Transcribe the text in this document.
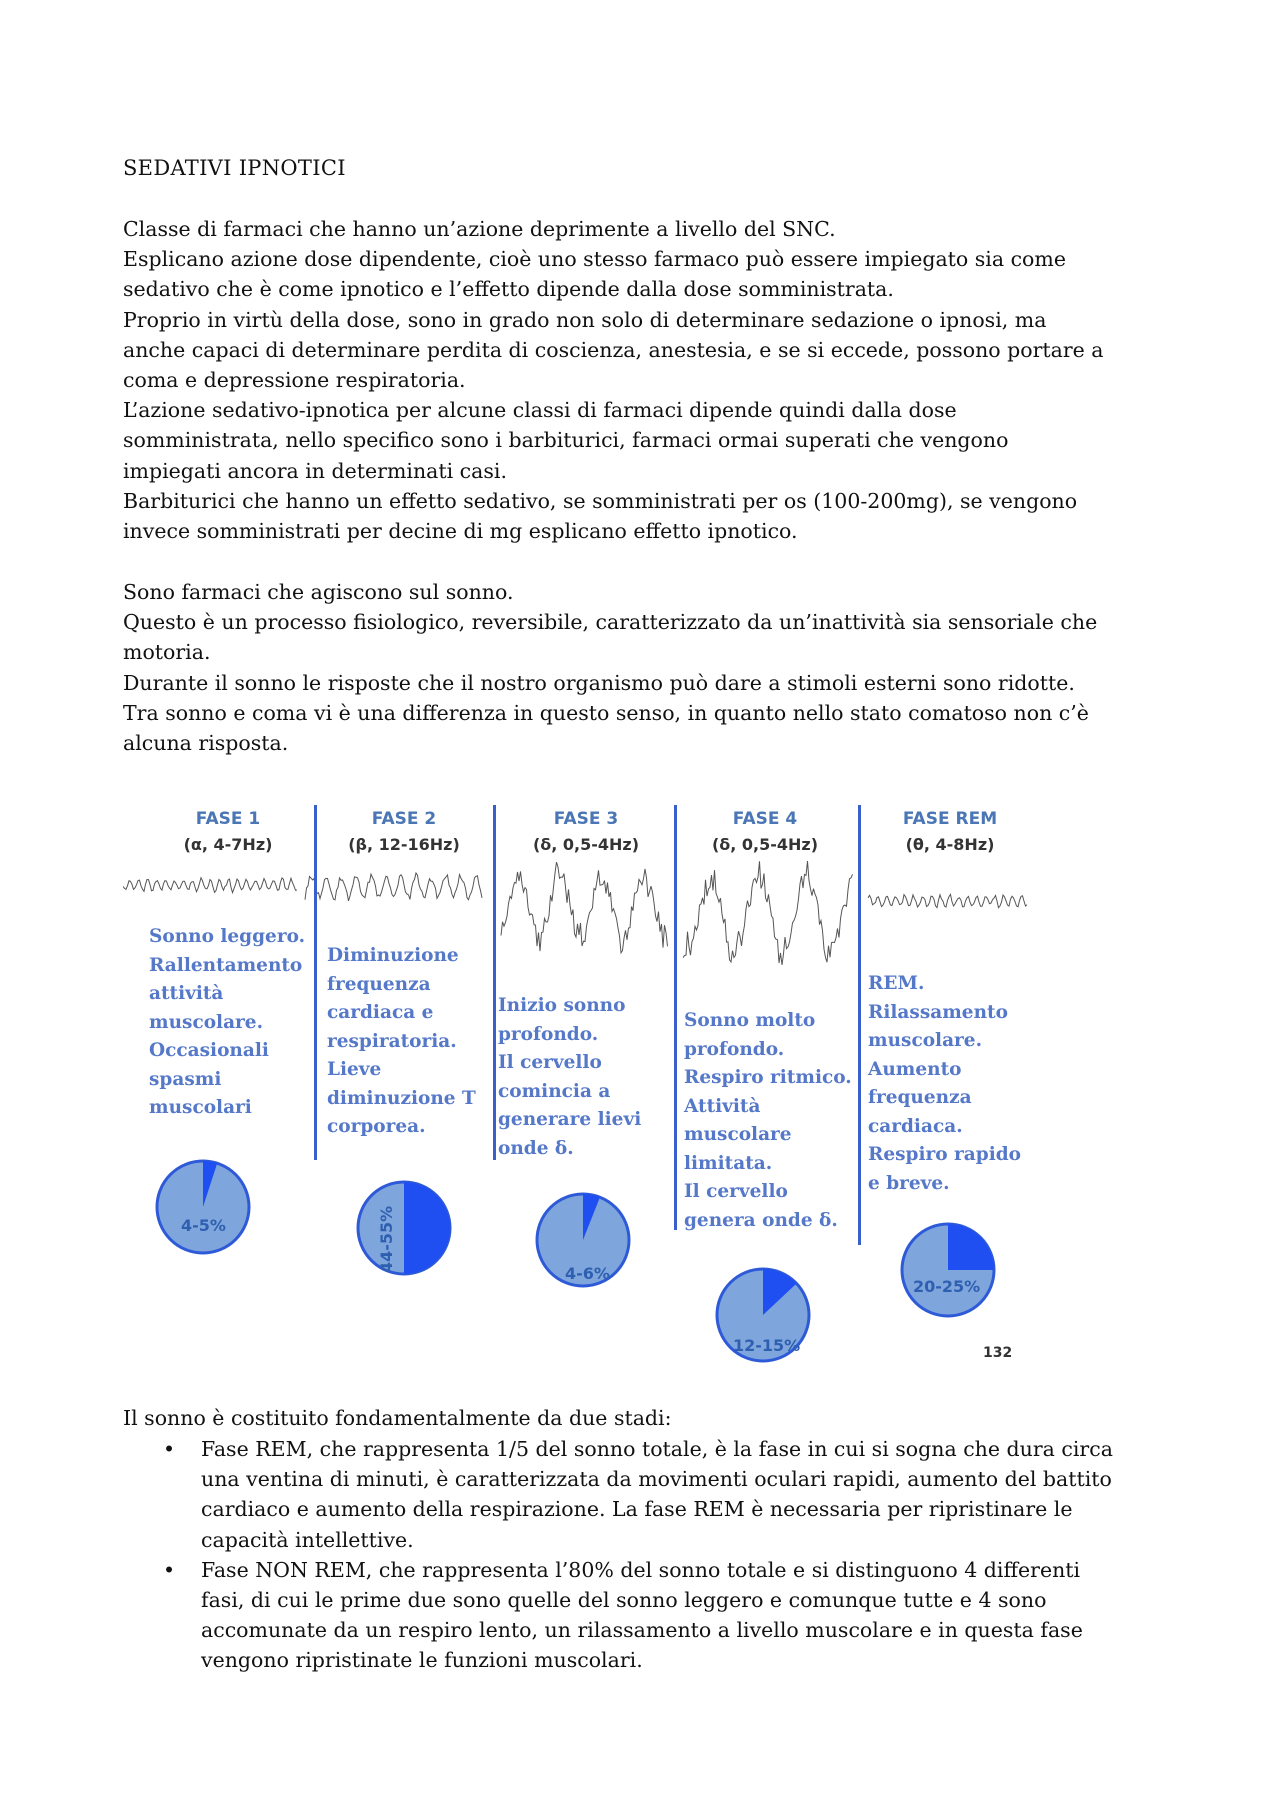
SEDATIVI IPNOTICI

Classe di farmaci che hanno un’azione deprimente a livello del SNC.

Esplicano azione dose dipendente, cioè uno stesso farmaco può essere impiegato sia come

sedativo che è come ipnotico e l’effetto dipende dalla dose somministrata.

Proprio in virtù della dose, sono in grado non solo di determinare sedazione o ipnosi, ma

anche capaci di determinare perdita di coscienza, anestesia, e se si eccede, possono portare a

coma e depressione respiratoria.

L’azione sedativo-ipnotica per alcune classi di farmaci dipende quindi dalla dose

somministrata, nello specifico sono i barbiturici, farmaci ormai superati che vengono

impiegati ancora in determinati casi.

Barbiturici che hanno un effetto sedativo, se somministrati per os (100-200mg), se vengono

invece somministrati per decine di mg esplicano effetto ipnotico.

Sono farmaci che agiscono sul sonno.

Questo è un processo fisiologico, reversibile, caratterizzato da un’inattività sia sensoriale che

motoria.

Durante il sonno le risposte che il nostro organismo può dare a stimoli esterni sono ridotte.

Tra sonno e coma vi è una differenza in questo senso, in quanto nello stato comatoso non c’è

alcuna risposta.

FASE 1
(α, 4-7Hz)
FASE 2
(β, 12-16Hz)
FASE 3
(δ, 0,5-4Hz)
FASE 4
(δ, 0,5-4Hz)
FASE REM
(θ, 4-8Hz)
Sonno leggero.
Rallentamento
attività
muscolare.
Occasionali
spasmi
muscolari
Diminuzione
frequenza
cardiaca e
respiratoria.
Lieve
diminuzione T
corporea.
Inizio sonno
profondo.
Il cervello
comincia a
generare lievi
onde δ.
Sonno molto
profondo.
Respiro ritmico.
Attività
muscolare
limitata.
Il cervello
genera onde δ.
REM.
Rilassamento
muscolare.
Aumento
frequenza
cardiaca.
Respiro rapido
e breve.
4-5%	44-55%
4-6%
12-15%
20-25%
132

Il sonno è costituito fondamentalmente da due stadi:

• Fase REM, che rappresenta 1/5 del sonno totale, è la fase in cui si sogna che dura circa
una ventina di minuti, è caratterizzata da movimenti oculari rapidi, aumento del battito
cardiaco e aumento della respirazione. La fase REM è necessaria per ripristinare le
capacità intellettive.
• Fase NON REM, che rappresenta l’80% del sonno totale e si distinguono 4 differenti
fasi, di cui le prime due sono quelle del sonno leggero e comunque tutte e 4 sono
accomunate da un respiro lento, un rilassamento a livello muscolare e in questa fase
vengono ripristinate le funzioni muscolari.
